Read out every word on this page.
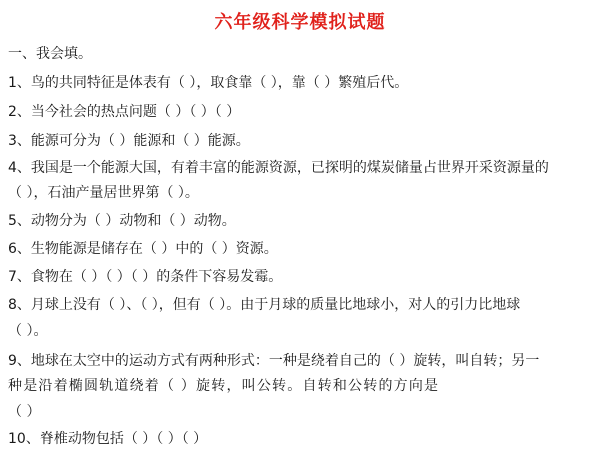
六年级科学模拟试题
一、我会填。
1、鸟的共同特征是体表有（ ），取食靠（ ），靠（ ）繁殖后代。
2、当今社会的热点问题（ ）（ ）（ ）
3、能源可分为（ ）能源和（ ）能源。
4、我国是一个能源大国，有着丰富的能源资源，已探明的煤炭储量占世界开采资源量的
（ ），石油产量居世界第（ ）。
5、动物分为（ ）动物和（ ）动物。
6、生物能源是储存在（ ）中的（ ）资源。
7、食物在（ ）（ ）（ ）的条件下容易发霉。
8、月球上没有（ ）、（ ），但有（ ）。由于月球的质量比地球小，对人的引力比地球
（ ）。
9、地球在太空中的运动方式有两种形式：一种是绕着自己的（ ）旋转，叫自转；另一
种是沿着椭圆轨道绕着（ ）旋转，叫公转。自转和公转的方向是
（ ）
10、脊椎动物包括（ ）（ ）（ ）
